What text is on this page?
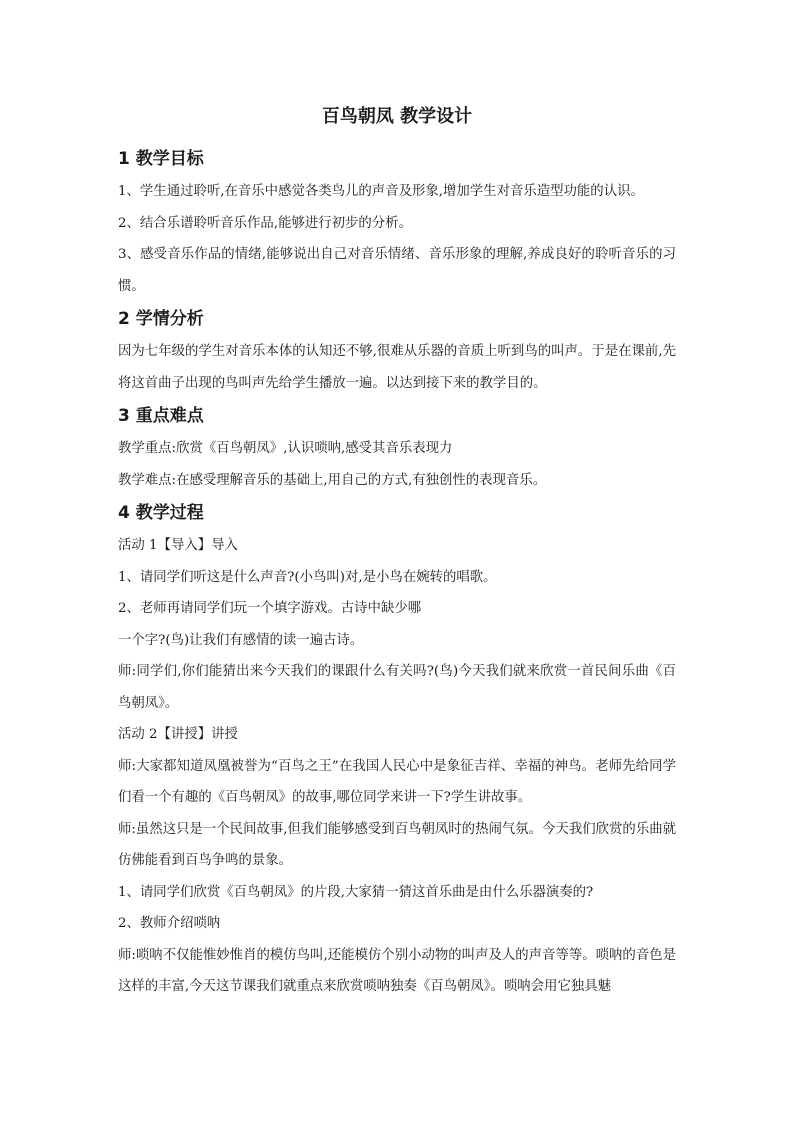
百鸟朝凤 教学设计
1 教学目标

1、学生通过聆听,在音乐中感觉各类鸟儿的声音及形象,增加学生对音乐造型功能的认识。

2、结合乐谱聆听音乐作品,能够进行初步的分析。

3、感受音乐作品的情绪,能够说出自己对音乐情绪、音乐形象的理解,养成良好的聆听音乐的习惯。

2 学情分析

因为七年级的学生对音乐本体的认知还不够,很难从乐器的音质上听到鸟的叫声。于是在课前,先将这首曲子出现的鸟叫声先给学生播放一遍。以达到接下来的教学目的。

3 重点难点

教学重点:欣赏《百鸟朝凤》,认识唢呐,感受其音乐表现力

教学难点:在感受理解音乐的基础上,用自己的方式,有独创性的表现音乐。

4 教学过程

活动 1【导入】导入

1、请同学们听这是什么声音?(小鸟叫)对,是小鸟在婉转的唱歌。

2、老师再请同学们玩一个填字游戏。古诗中缺少哪

一个字?(鸟)让我们有感情的读一遍古诗。

师:同学们,你们能猜出来今天我们的课跟什么有关吗?(鸟)今天我们就来欣赏一首民间乐曲《百鸟朝凤》。

活动 2【讲授】讲授

师:大家都知道凤凰被誉为“百鸟之王”在我国人民心中是象征吉祥、幸福的神鸟。老师先给同学们看一个有趣的《百鸟朝凤》的故事,哪位同学来讲一下?学生讲故事。

师:虽然这只是一个民间故事,但我们能够感受到百鸟朝凤时的热闹气氛。今天我们欣赏的乐曲就仿佛能看到百鸟争鸣的景象。

1、请同学们欣赏《百鸟朝凤》的片段,大家猜一猜这首乐曲是由什么乐器演奏的?

2、教师介绍唢呐

师:唢呐不仅能惟妙惟肖的模仿鸟叫,还能模仿个别小动物的叫声及人的声音等等。唢呐的音色是这样的丰富,今天这节课我们就重点来欣赏唢呐独奏《百鸟朝凤》。唢呐会用它独具魅
